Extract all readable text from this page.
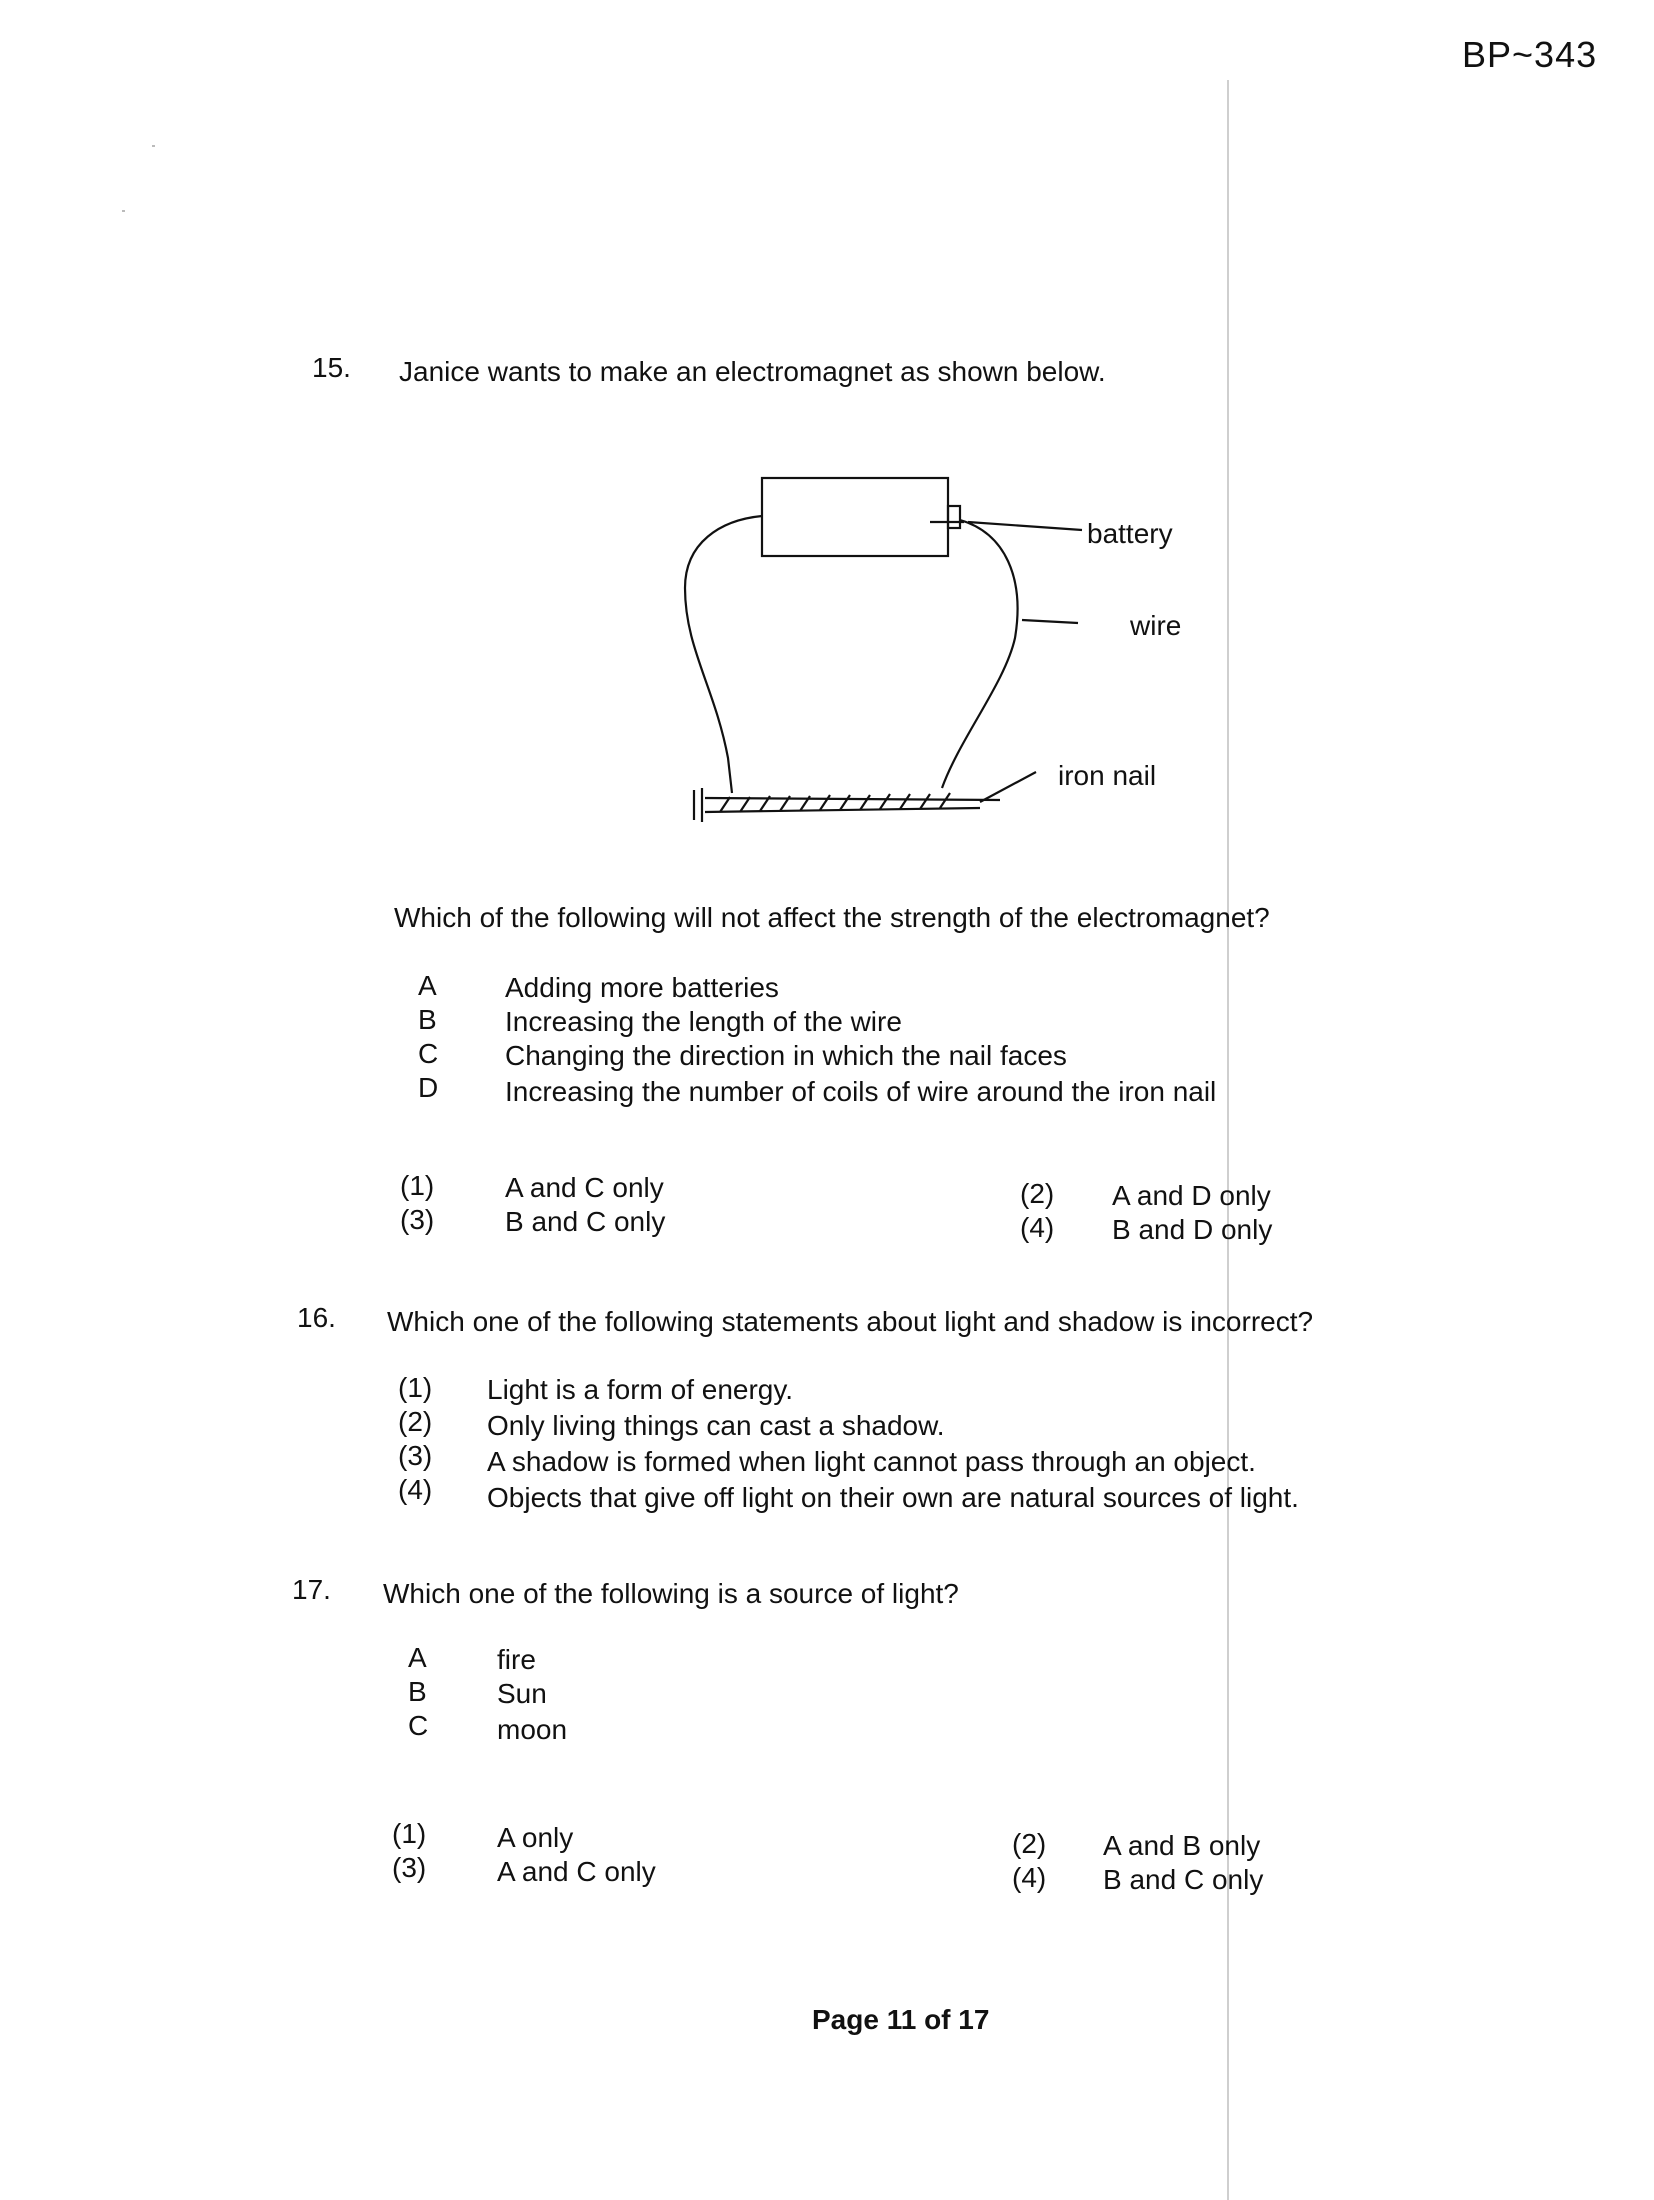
BP~343
15. Janice wants to make an electromagnet as shown below.
battery
wire
iron nail
Which of the following will not affect the strength of the electromagnet?
A Adding more batteries
B Increasing the length of the wire
C Changing the direction in which the nail faces
D Increasing the number of coils of wire around the iron nail
(1)	A and C only	(2) A and D only
(3)	B and C only	(4) B and D only
16. Which one of the following statements about light and shadow is incorrect?
(1) Light is a form of energy.
(2) Only living things can cast a shadow.
(3) A shadow is formed when light cannot pass through an object.
(4) Objects that give off light on their own are natural sources of light.
17. Which one of the following is a source of light?
A	fire
B	Sun
C moon
(1)	A only	(2) A and B only
(3)	A and C only	(4) B and C only
Page 11 of 17
